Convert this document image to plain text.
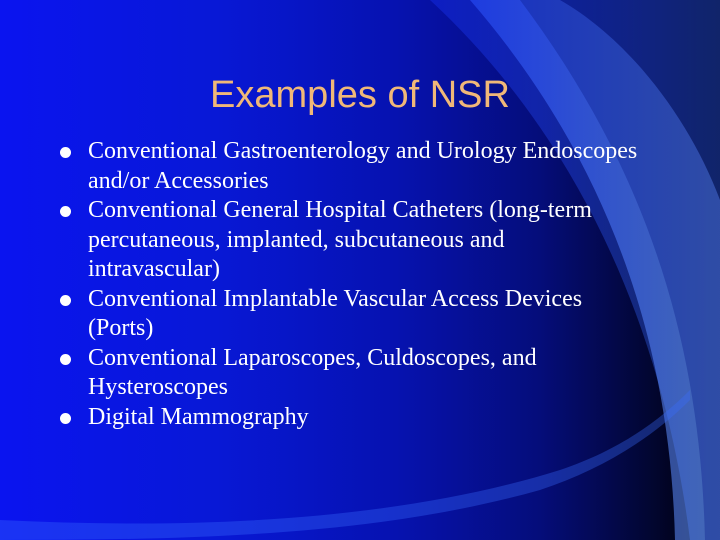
Examples of NSR
Conventional Gastroenterology and Urology Endoscopes and/or Accessories
Conventional General Hospital Catheters (long-term percutaneous, implanted, subcutaneous and intravascular)
Conventional Implantable Vascular Access Devices (Ports)
Conventional Laparoscopes, Culdoscopes, and Hysteroscopes
Digital Mammography
